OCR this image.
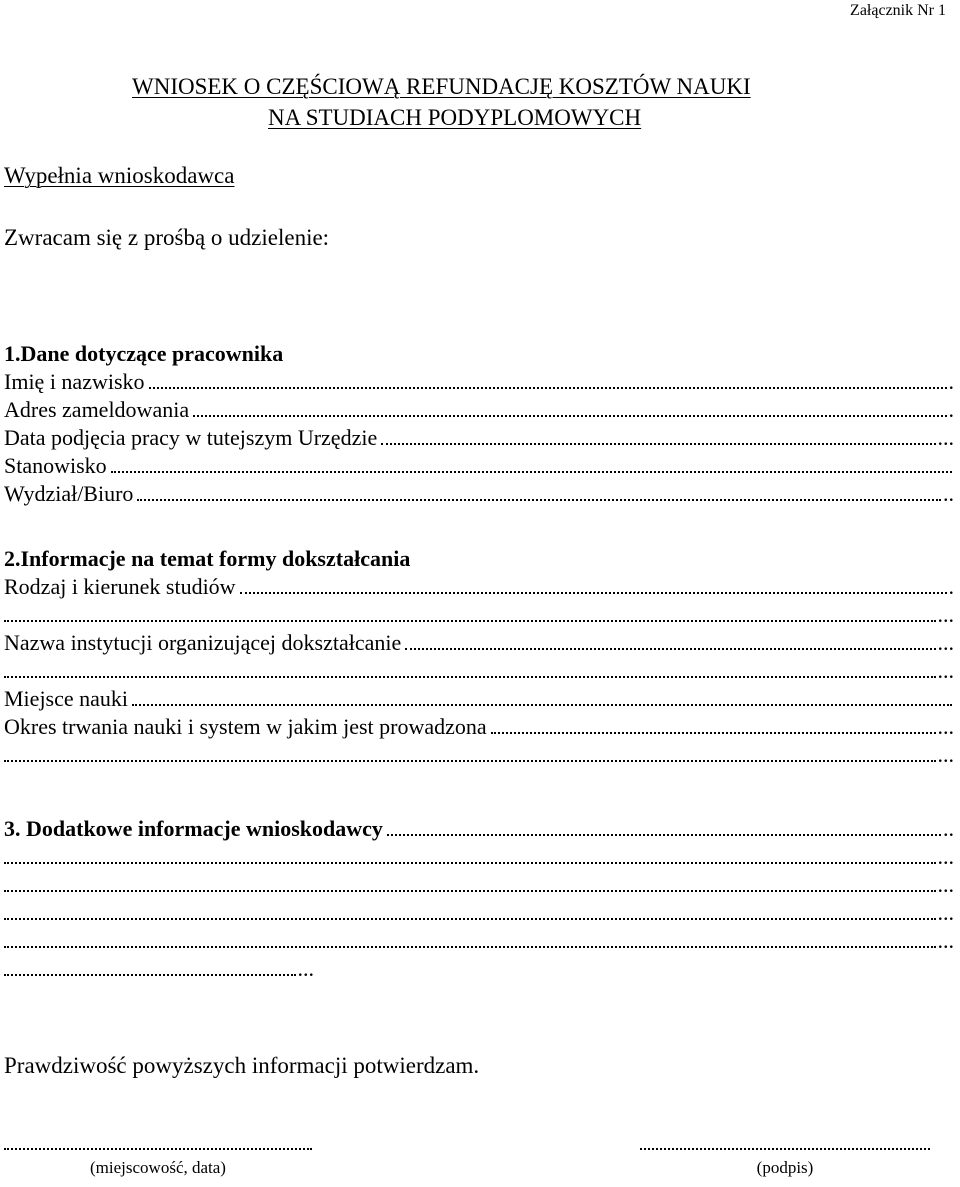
Załącznik Nr 1
WNIOSEK O CZĘŚCIOWĄ REFUNDACJĘ KOSZTÓW NAUKI
NA STUDIACH PODYPLOMOWYCH
Wypełnia wnioskodawca
Zwracam się z prośbą o udzielenie:
1.Dane dotyczące pracownika
Imię i nazwisko	.
Adres zameldowania	.
Data podjęcia pracy w tutejszym Urzędzie	...
Stanowisko
Wydział/Biuro	..
2.Informacje na temat formy dokształcania
Rodzaj i kierunek studiów	.
...
Nazwa instytucji organizującej dokształcanie	...
...
Miejsce nauki
Okres trwania nauki i system w jakim jest prowadzona	...
...
3. Dodatkowe informacje wnioskodawcy	..
...
...
...
...
...
Prawdziwość powyższych informacji potwierdzam.
(miejscowość, data)	(podpis)
